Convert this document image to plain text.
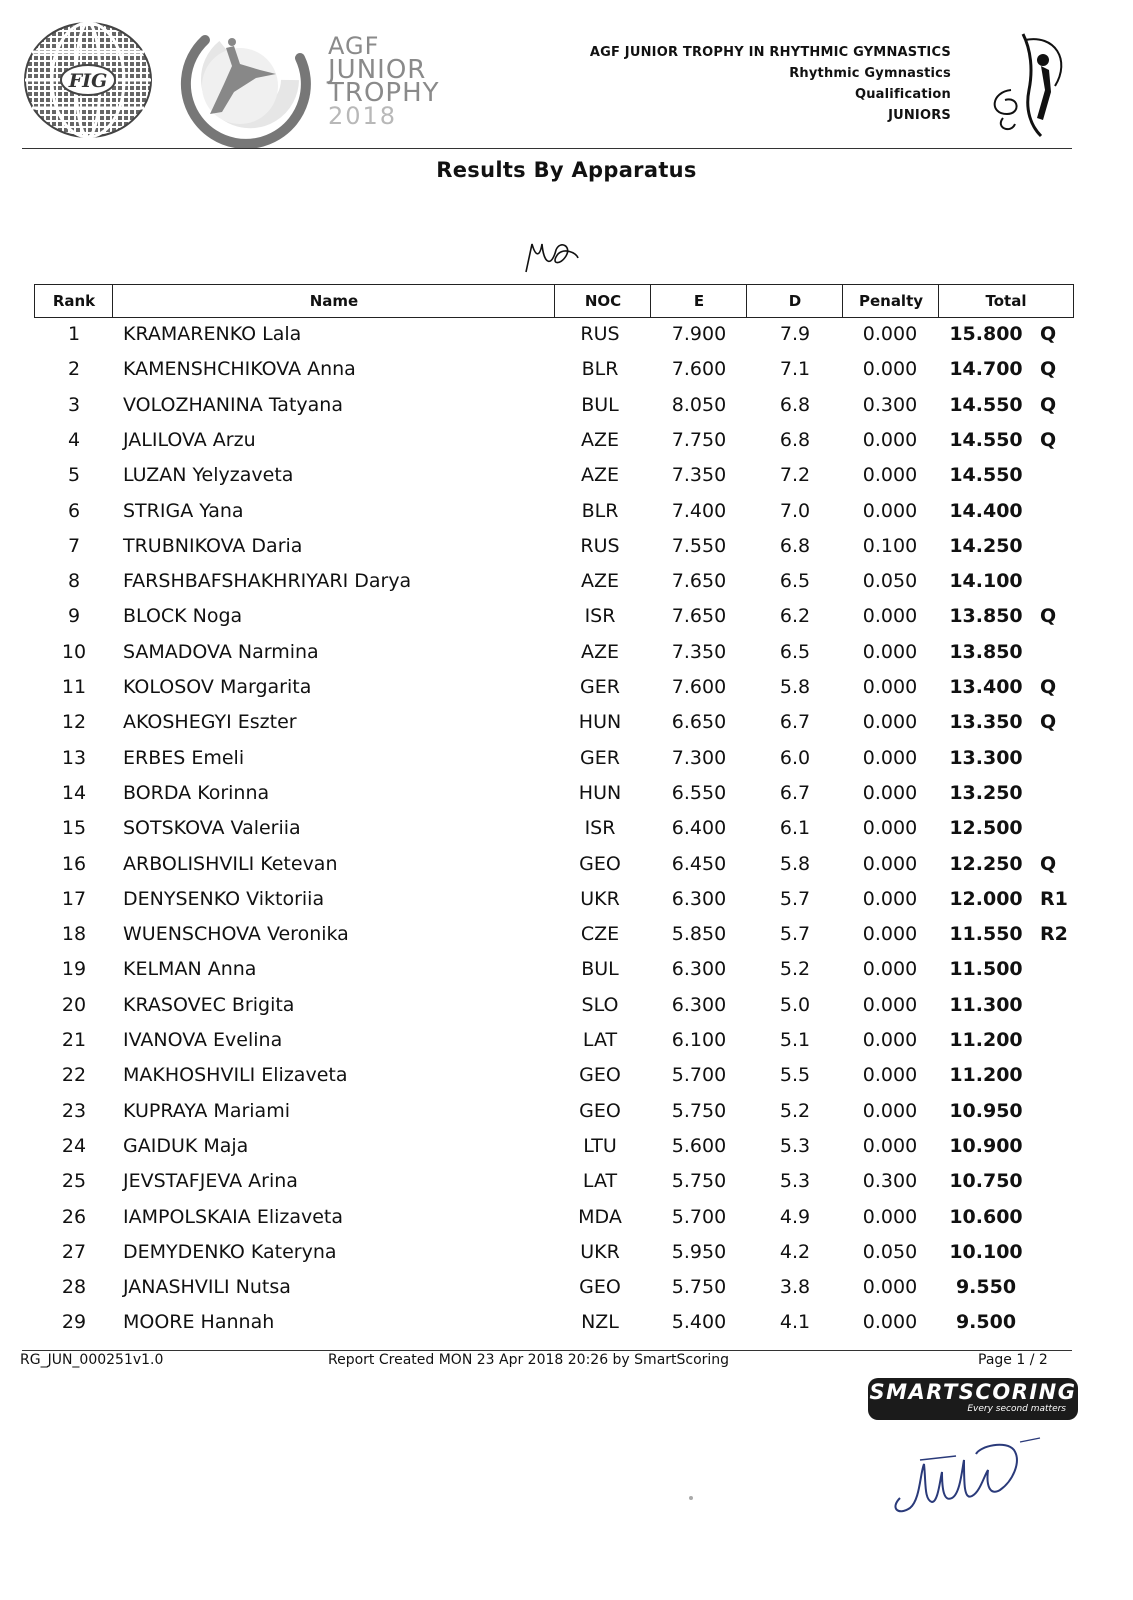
FIG
AGF
JUNIOR
TROPHY
2018
AGF JUNIOR TROPHY IN RHYTHMIC GYMNASTICS
Rhythmic Gymnastics
Qualification
JUNIORS
Results By Apparatus
Rank	Name	NOC	E	D	Penalty	Total
1	KRAMARENKO Lala	RUS	7.900	7.9	0.000	15.800 Q
2	KAMENSHCHIKOVA Anna	BLR	7.600	7.1	0.000	14.700 Q
3	VOLOZHANINA Tatyana	BUL	8.050	6.8	0.300	14.550 Q
4	JALILOVA Arzu	AZE	7.750	6.8	0.000	14.550 Q
5	LUZAN Yelyzaveta	AZE	7.350	7.2	0.000	14.550
6	STRIGA Yana	BLR	7.400	7.0	0.000	14.400
7	TRUBNIKOVA Daria	RUS	7.550	6.8	0.100	14.250
8	FARSHBAFSHAKHRIYARI Darya	AZE	7.650	6.5	0.050	14.100
9	BLOCK Noga	ISR	7.650	6.2	0.000	13.850 Q
10	SAMADOVA Narmina	AZE	7.350	6.5	0.000	13.850
11	KOLOSOV Margarita	GER	7.600	5.8	0.000	13.400 Q
12	AKOSHEGYI Eszter	HUN	6.650	6.7	0.000	13.350 Q
13	ERBES Emeli	GER	7.300	6.0	0.000	13.300
14	BORDA Korinna	HUN	6.550	6.7	0.000	13.250
15	SOTSKOVA Valeriia	ISR	6.400	6.1	0.000	12.500
16	ARBOLISHVILI Ketevan	GEO	6.450	5.8	0.000	12.250 Q
17	DENYSENKO Viktoriia	UKR	6.300	5.7	0.000	12.000 R1
18	WUENSCHOVA Veronika	CZE	5.850	5.7	0.000	11.550 R2
19	KELMAN Anna	BUL	6.300	5.2	0.000	11.500
20	KRASOVEC Brigita	SLO	6.300	5.0	0.000	11.300
21	IVANOVA Evelina	LAT	6.100	5.1	0.000	11.200
22	MAKHOSHVILI Elizaveta	GEO	5.700	5.5	0.000	11.200
23	KUPRAYA Mariami	GEO	5.750	5.2	0.000	10.950
24	GAIDUK Maja	LTU	5.600	5.3	0.000	10.900
25	JEVSTAFJEVA Arina	LAT	5.750	5.3	0.300	10.750
26	IAMPOLSKAIA Elizaveta	MDA	5.700	4.9	0.000	10.600
27	DEMYDENKO Kateryna	UKR	5.950	4.2	0.050	10.100
28	JANASHVILI Nutsa	GEO	5.750	3.8	0.000	9.550
29	MOORE Hannah	NZL	5.400	4.1	0.000	9.500
RG_JUN_000251v1.0	Report Created MON 23 Apr 2018 20:26 by SmartScoring	Page 1 / 2
SMARTSCORING
Every second matters
